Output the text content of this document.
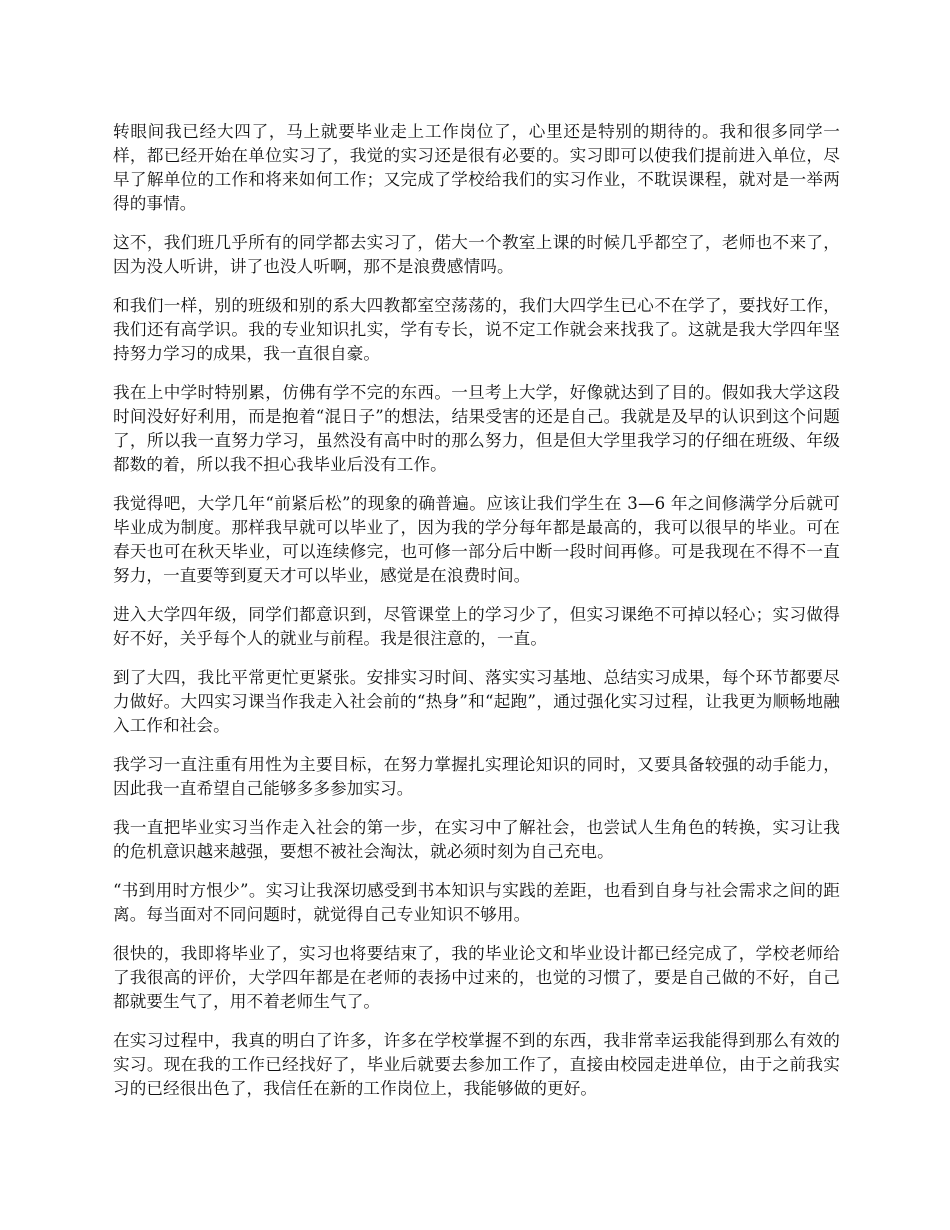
转眼间我已经大四了，马上就要毕业走上工作岗位了，心里还是特别的期待的。我和很多同学一样，都已经开始在单位实习了，我觉的实习还是很有必要的。实习即可以使我们提前进入单位，尽早了解单位的工作和将来如何工作；又完成了学校给我们的实习作业，不耽误课程，就对是一举两得的事情。

这不，我们班几乎所有的同学都去实习了，偌大一个教室上课的时候几乎都空了，老师也不来了，因为没人听讲，讲了也没人听啊，那不是浪费感情吗。

和我们一样，别的班级和别的系大四教都室空荡荡的，我们大四学生已心不在学了，要找好工作，我们还有高学识。我的专业知识扎实，学有专长，说不定工作就会来找我了。这就是我大学四年坚持努力学习的成果，我一直很自豪。

我在上中学时特别累，仿佛有学不完的东西。一旦考上大学，好像就达到了目的。假如我大学这段时间没好好利用，而是抱着“混日子”的想法，结果受害的还是自己。我就是及早的认识到这个问题了，所以我一直努力学习，虽然没有高中时的那么努力，但是但大学里我学习的仔细在班级、年级都数的着，所以我不担心我毕业后没有工作。

我觉得吧，大学几年“前紧后松”的现象的确普遍。应该让我们学生在 3—6 年之间修满学分后就可毕业成为制度。那样我早就可以毕业了，因为我的学分每年都是最高的，我可以很早的毕业。可在春天也可在秋天毕业，可以连续修完，也可修一部分后中断一段时间再修。可是我现在不得不一直努力，一直要等到夏天才可以毕业，感觉是在浪费时间。

进入大学四年级，同学们都意识到，尽管课堂上的学习少了，但实习课绝不可掉以轻心；实习做得好不好，关乎每个人的就业与前程。我是很注意的，一直。

到了大四，我比平常更忙更紧张。安排实习时间、落实实习基地、总结实习成果，每个环节都要尽力做好。大四实习课当作我走入社会前的“热身”和“起跑”，通过强化实习过程，让我更为顺畅地融入工作和社会。

我学习一直注重有用性为主要目标，在努力掌握扎实理论知识的同时，又要具备较强的动手能力，因此我一直希望自己能够多多参加实习。

我一直把毕业实习当作走入社会的第一步，在实习中了解社会，也尝试人生角色的转换，实习让我的危机意识越来越强，要想不被社会淘汰，就必须时刻为自己充电。

“书到用时方恨少”。实习让我深切感受到书本知识与实践的差距，也看到自身与社会需求之间的距离。每当面对不同问题时，就觉得自己专业知识不够用。

很快的，我即将毕业了，实习也将要结束了，我的毕业论文和毕业设计都已经完成了，学校老师给了我很高的评价，大学四年都是在老师的表扬中过来的，也觉的习惯了，要是自己做的不好，自己都就要生气了，用不着老师生气了。

在实习过程中，我真的明白了许多，许多在学校掌握不到的东西，我非常幸运我能得到那么有效的实习。现在我的工作已经找好了，毕业后就要去参加工作了，直接由校园走进单位，由于之前我实习的已经很出色了，我信任在新的工作岗位上，我能够做的更好。
